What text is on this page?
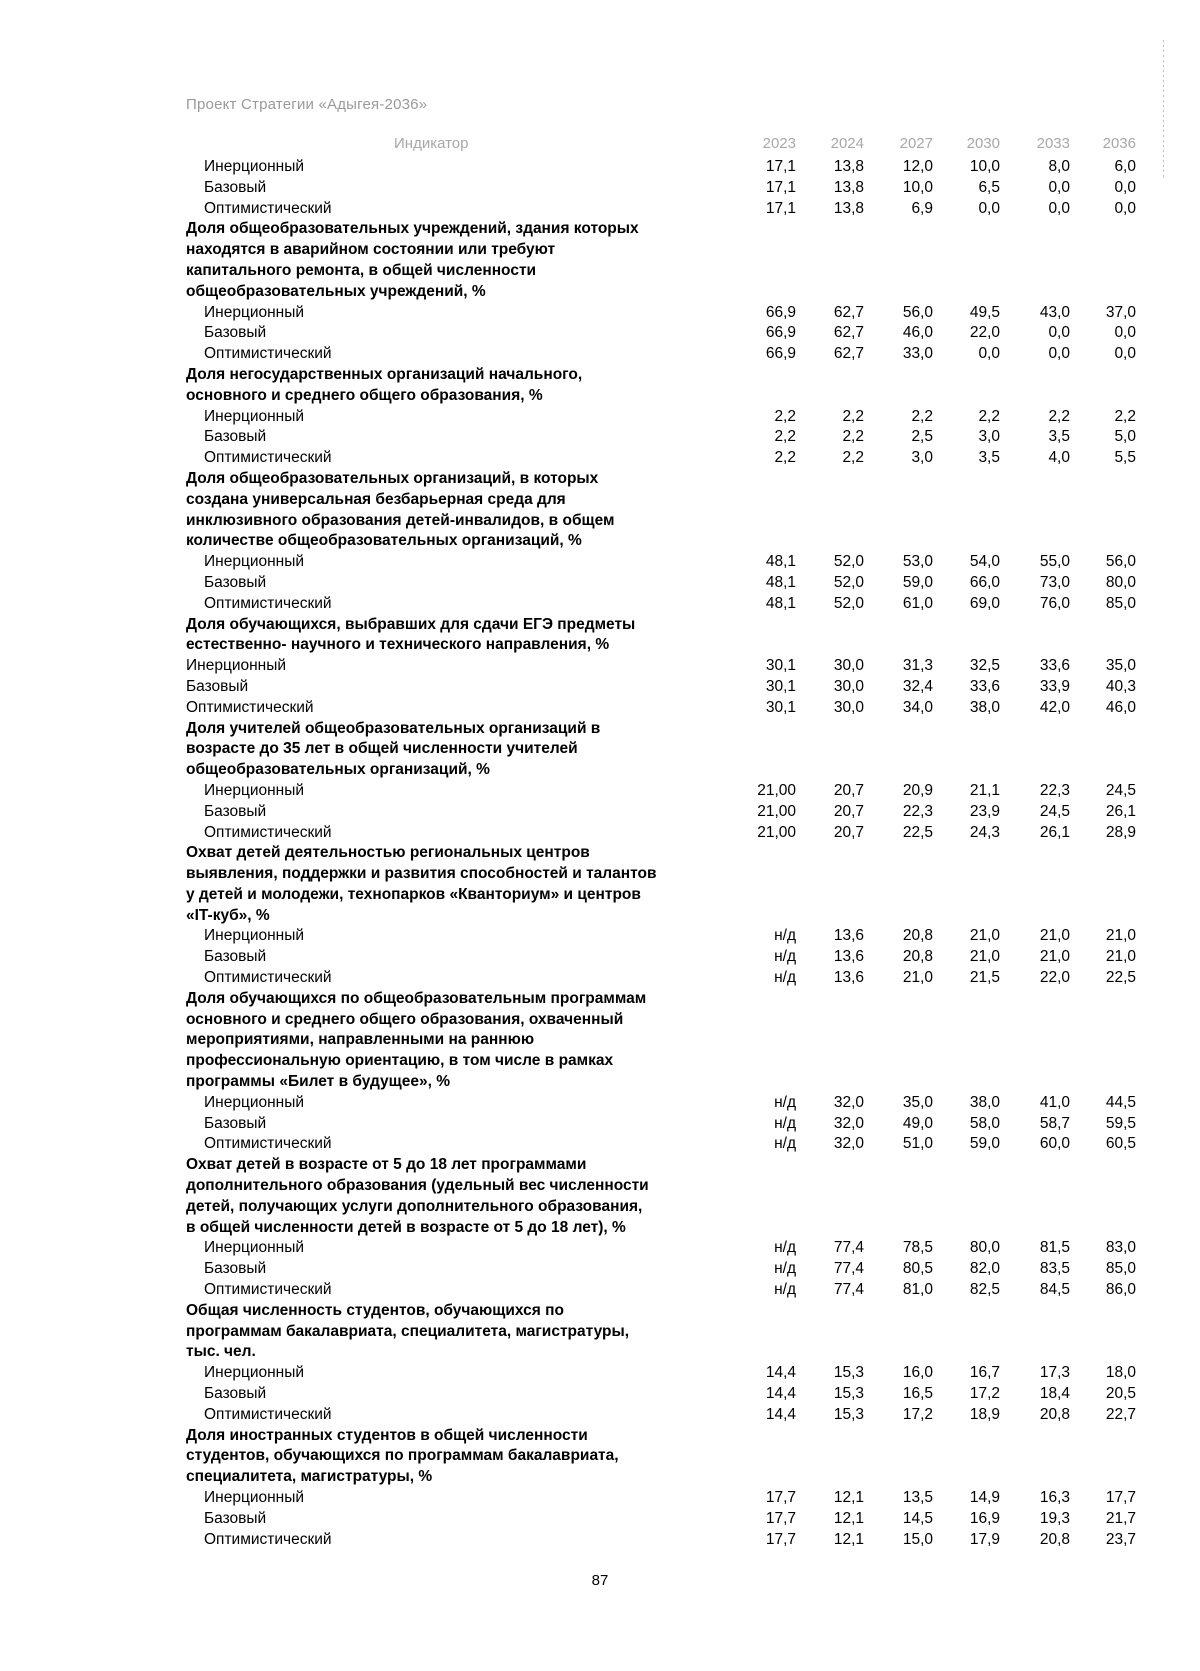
Проект Стратегии «Адыгея-2036»
Индикатор	2023	2024	2027	2030	2033	2036
Инерционный	17,1	13,8	12,0	10,0	8,0	6,0
Базовый	17,1	13,8	10,0	6,5	0,0	0,0
Оптимистический	17,1	13,8	6,9	0,0	0,0	0,0
Доля общеобразовательных учреждений, здания которых
находятся в аварийном состоянии или требуют
капитального ремонта, в общей численности
общеобразовательных учреждений, %
Инерционный	66,9	62,7	56,0	49,5	43,0	37,0
Базовый	66,9	62,7	46,0	22,0	0,0	0,0
Оптимистический	66,9	62,7	33,0	0,0	0,0	0,0
Доля негосударственных организаций начального,
основного и среднего общего образования, %
Инерционный	2,2	2,2	2,2	2,2	2,2	2,2
Базовый	2,2	2,2	2,5	3,0	3,5	5,0
Оптимистический	2,2	2,2	3,0	3,5	4,0	5,5
Доля общеобразовательных организаций, в которых
создана универсальная безбарьерная среда для
инклюзивного образования детей-инвалидов, в общем
количестве общеобразовательных организаций, %
Инерционный	48,1	52,0	53,0	54,0	55,0	56,0
Базовый	48,1	52,0	59,0	66,0	73,0	80,0
Оптимистический	48,1	52,0	61,0	69,0	76,0	85,0
Доля обучающихся, выбравших для сдачи ЕГЭ предметы
естественно- научного и технического направления, %
Инерционный	30,1	30,0	31,3	32,5	33,6	35,0
Базовый	30,1	30,0	32,4	33,6	33,9	40,3
Оптимистический	30,1	30,0	34,0	38,0	42,0	46,0
Доля учителей общеобразовательных организаций в
возрасте до 35 лет в общей численности учителей
общеобразовательных организаций, %
Инерционный	21,00	20,7	20,9	21,1	22,3	24,5
Базовый	21,00	20,7	22,3	23,9	24,5	26,1
Оптимистический	21,00	20,7	22,5	24,3	26,1	28,9
Охват детей деятельностью региональных центров
выявления, поддержки и развития способностей и талантов
у детей и молодежи, технопарков «Кванториум» и центров
«IT-куб», %
Инерционный	н/д	13,6	20,8	21,0	21,0	21,0
Базовый	н/д	13,6	20,8	21,0	21,0	21,0
Оптимистический	н/д	13,6	21,0	21,5	22,0	22,5
Доля обучающихся по общеобразовательным программам
основного и среднего общего образования, охваченный
мероприятиями, направленными на раннюю
профессиональную ориентацию, в том числе в рамках
программы «Билет в будущее», %
Инерционный	н/д	32,0	35,0	38,0	41,0	44,5
Базовый	н/д	32,0	49,0	58,0	58,7	59,5
Оптимистический	н/д	32,0	51,0	59,0	60,0	60,5
Охват детей в возрасте от 5 до 18 лет программами
дополнительного образования (удельный вес численности
детей, получающих услуги дополнительного образования,
в общей численности детей в возрасте от 5 до 18 лет), %
Инерционный	н/д	77,4	78,5	80,0	81,5	83,0
Базовый	н/д	77,4	80,5	82,0	83,5	85,0
Оптимистический	н/д	77,4	81,0	82,5	84,5	86,0
Общая численность студентов, обучающихся по
программам бакалавриата, специалитета, магистратуры,
тыс. чел.
Инерционный	14,4	15,3	16,0	16,7	17,3	18,0
Базовый	14,4	15,3	16,5	17,2	18,4	20,5
Оптимистический	14,4	15,3	17,2	18,9	20,8	22,7
Доля иностранных студентов в общей численности
студентов, обучающихся по программам бакалавриата,
специалитета, магистратуры, %
Инерционный	17,7	12,1	13,5	14,9	16,3	17,7
Базовый	17,7	12,1	14,5	16,9	19,3	21,7
Оптимистический	17,7	12,1	15,0	17,9	20,8	23,7
87
